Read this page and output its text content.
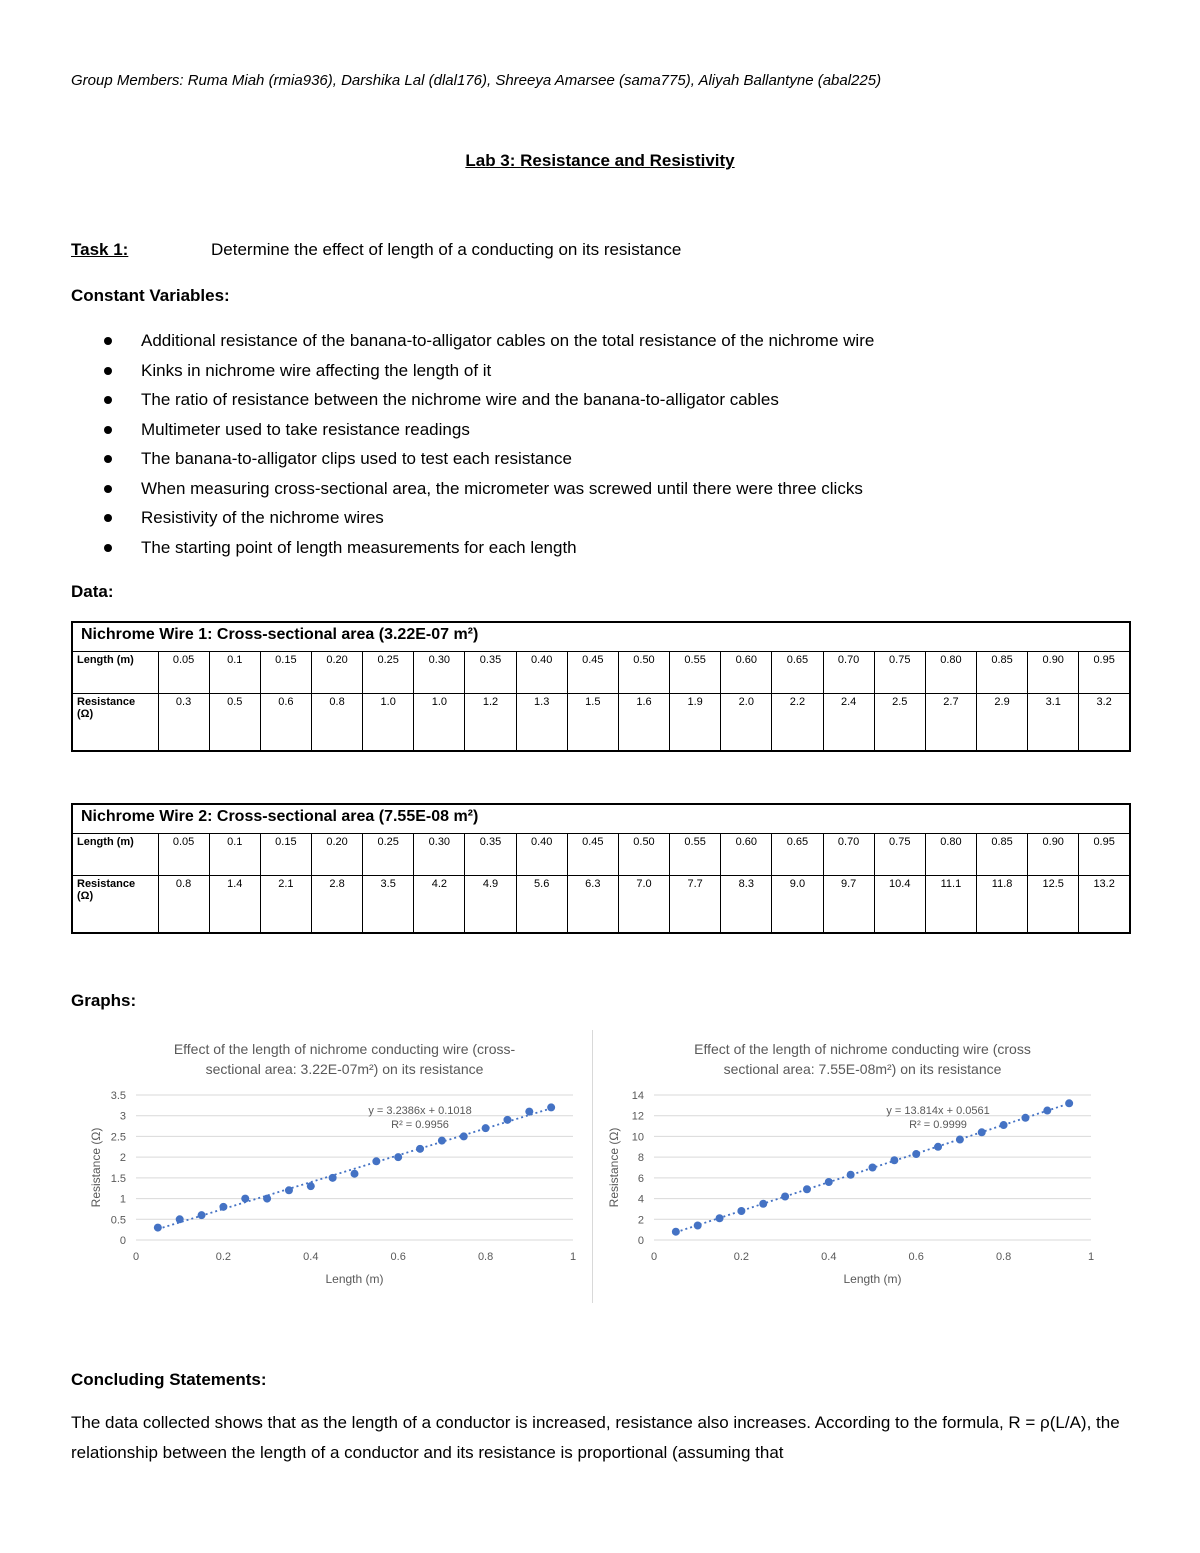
Group Members: Ruma Miah (rmia936), Darshika Lal (dlal176), Shreeya Amarsee (sama775), Aliyah Ballantyne (abal225)
Lab 3: Resistance and Resistivity
Task 1:	Determine the effect of length of a conducting on its resistance
Constant Variables:
Additional resistance of the banana-to-alligator cables on the total resistance of the nichrome wire
Kinks in nichrome wire affecting the length of it
The ratio of resistance between the nichrome wire and the banana-to-alligator cables
Multimeter used to take resistance readings
The banana-to-alligator clips used to test each resistance
When measuring cross-sectional area, the micrometer was screwed until there were three clicks
Resistivity of the nichrome wires
The starting point of length measurements for each length
Data:
Nichrome Wire 1: Cross-sectional area (3.22E-07 m²)																			
Length (m)	0.05	0.1	0.15	0.20	0.25	0.30	0.35	0.40	0.45	0.50	0.55	0.60	0.65	0.70	0.75	0.80	0.85	0.90	0.95
Resistance (Ω)	0.3	0.5	0.6	0.8	1.0	1.0	1.2	1.3	1.5	1.6	1.9	2.0	2.2	2.4	2.5	2.7	2.9	3.1	3.2
Nichrome Wire 2: Cross-sectional area (7.55E-08 m²)																			
Length (m)	0.05	0.1	0.15	0.20	0.25	0.30	0.35	0.40	0.45	0.50	0.55	0.60	0.65	0.70	0.75	0.80	0.85	0.90	0.95
Resistance (Ω)	0.8	1.4	2.1	2.8	3.5	4.2	4.9	5.6	6.3	7.0	7.7	8.3	9.0	9.7	10.4	11.1	11.8	12.5	13.2
Graphs:
Effect of the length of nichrome conducting wire (cross-
sectional area: 3.22E-07m²) on its resistance
0
0.5
1
1.5
2
2.5
3
3.5
0	0.2	0.4	0.6	0.8	1
Length (m)
Resistance (Ω)
y = 3.2386x + 0.1018
R² = 0.9956
Effect of the length of nichrome conducting wire (cross
sectional area: 7.55E-08m²) on its resistance
0
2
4
6
8
10
12
14
0	0.2	0.4	0.6	0.8	1
Length (m)
Resistance (Ω)
y = 13.814x + 0.0561
R² = 0.9999
Concluding Statements:
The data collected shows that as the length of a conductor is increased, resistance also increases. According to the formula, R = ρ(L/A), the relationship between the length of a conductor and its resistance is proportional (assuming that
